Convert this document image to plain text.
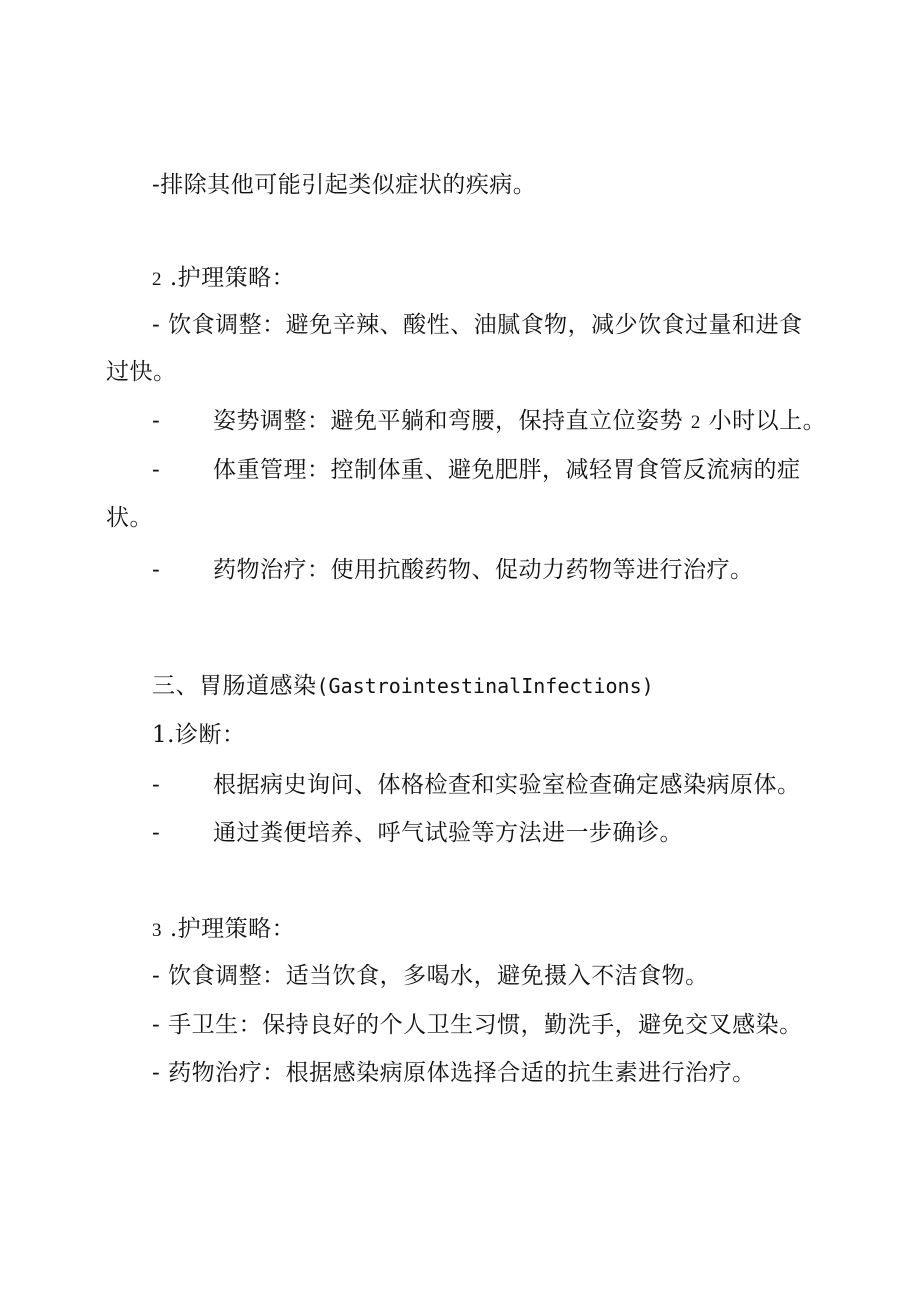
-排除其他可能引起类似症状的疾病。
2 .护理策略：
- 饮食调整：避免辛辣、酸性、油腻食物，减少饮食过量和进食
过快。
- 姿势调整：避免平躺和弯腰，保持直立位姿势 2 小时以上。
- 体重管理：控制体重、避免肥胖，减轻胃食管反流病的症
状。
- 药物治疗：使用抗酸药物、促动力药物等进行治疗。
三、胃肠道感染(GastrointestinalInfections)
1.诊断：
- 根据病史询问、体格检查和实验室检查确定感染病原体。
- 通过粪便培养、呼气试验等方法进一步确诊。
3 .护理策略：
- 饮食调整：适当饮食，多喝水，避免摄入不洁食物。
- 手卫生：保持良好的个人卫生习惯，勤洗手，避免交叉感染。
- 药物治疗：根据感染病原体选择合适的抗生素进行治疗。
